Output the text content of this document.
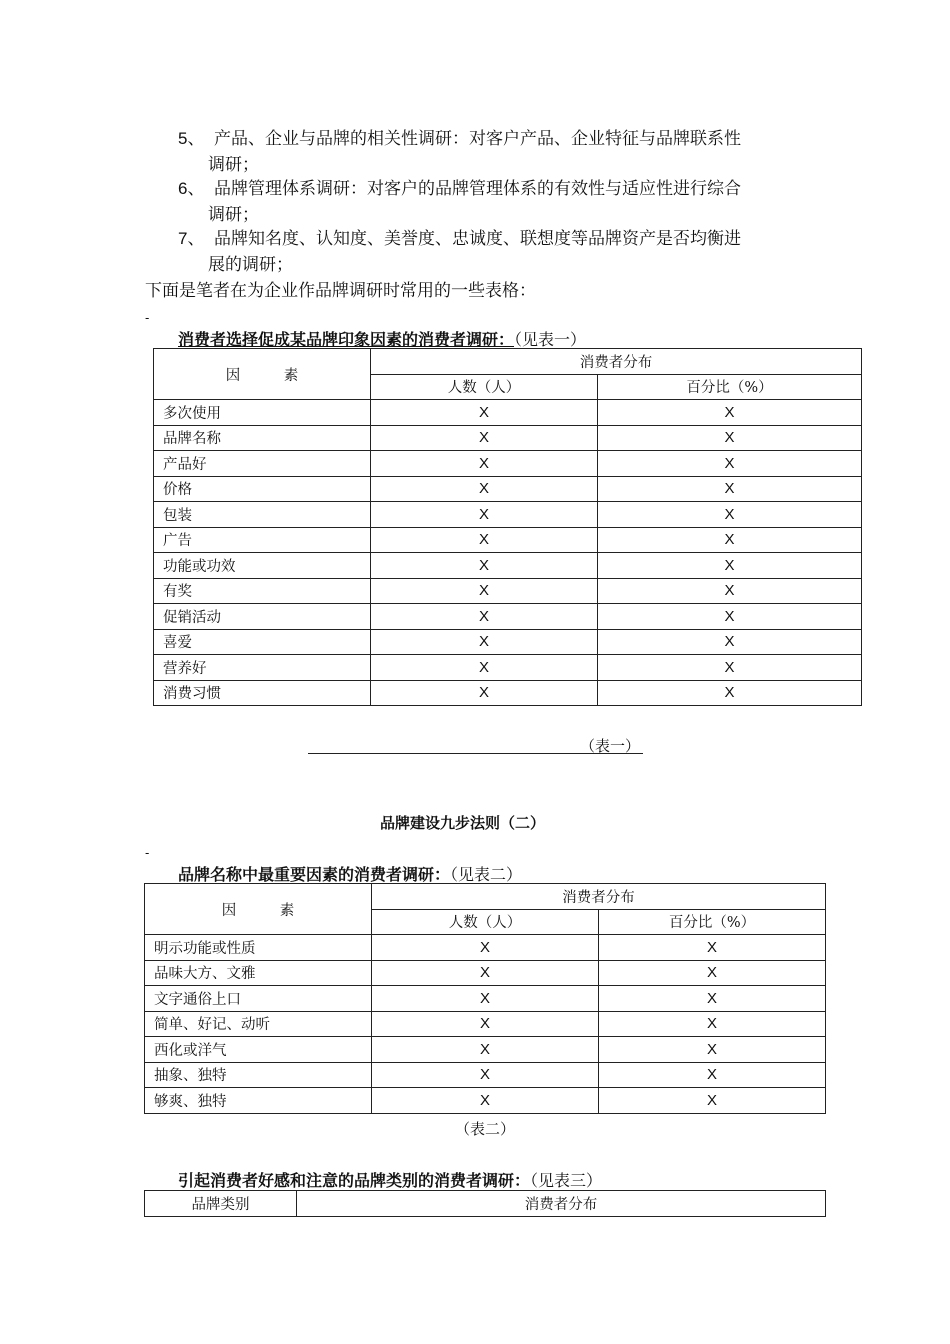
5、 产品、企业与品牌的相关性调研：对客户产品、企业特征与品牌联系性
调研；
6、 品牌管理体系调研：对客户的品牌管理体系的有效性与适应性进行综合
调研；
7、 品牌知名度、认知度、美誉度、忠诚度、联想度等品牌资产是否均衡进
展的调研；
下面是笔者在为企业作品牌调研时常用的一些表格：
-
消费者选择促成某品牌印象因素的消费者调研：（见表一）
因　　　素	消费者分布	
	人数（人）	百分比（%）
多次使用	X	X
品牌名称	X	X
产品好	X	X
价格	X	X
包装	X	X
广告	X	X
功能或功效	X	X
有奖	X	X
促销活动	X	X
喜爱	X	X
营养好	X	X
消费习惯	X	X
（表一）
品牌建设九步法则（二）
-
品牌名称中最重要因素的消费者调研：（见表二）
因　　　素	消费者分布	
	人数（人）	百分比（%）
明示功能或性质	X	X
品味大方、文雅	X	X
文字通俗上口	X	X
简单、好记、动听	X	X
西化或洋气	X	X
抽象、独特	X	X
够爽、独特	X	X
（表二）
引起消费者好感和注意的品牌类别的消费者调研：（见表三）
品牌类别	消费者分布
